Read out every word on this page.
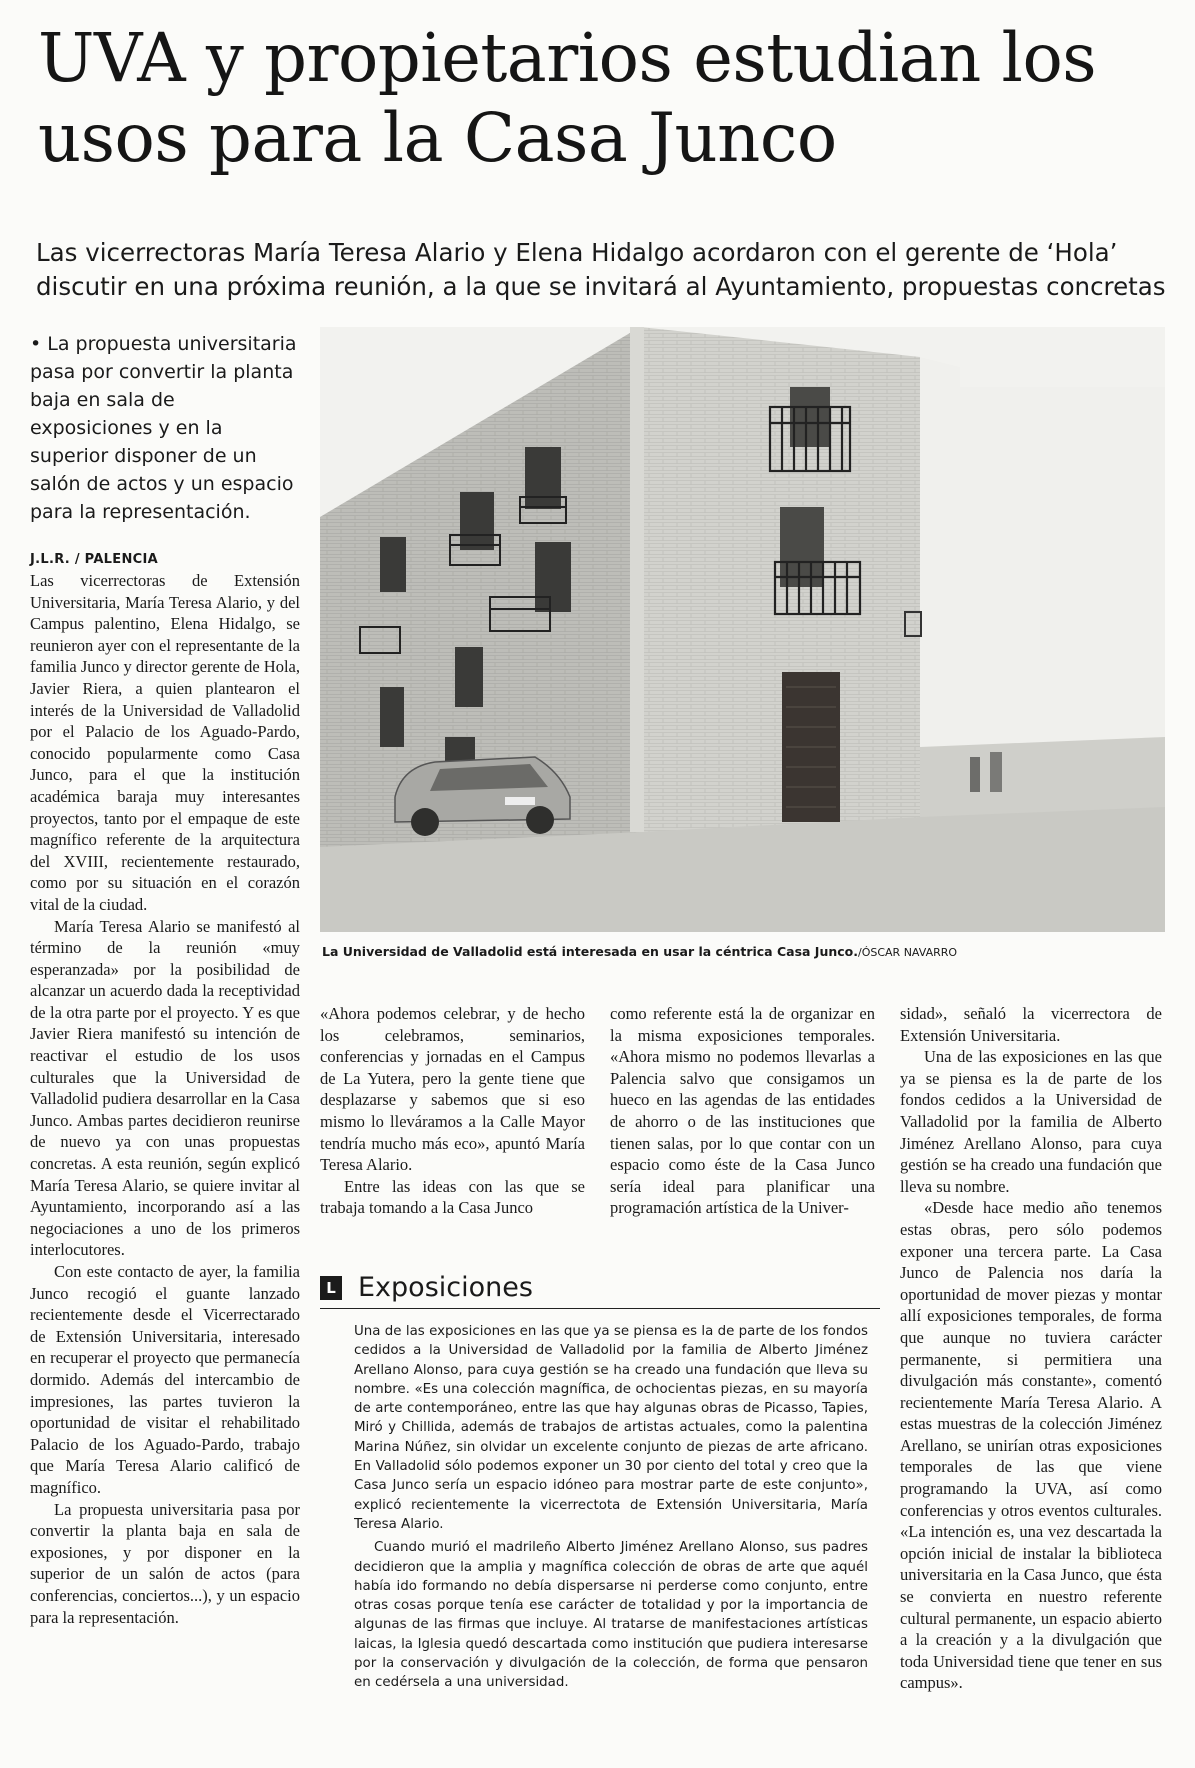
UVA y propietarios estudian los usos para la Casa Junco

Las vicerrectoras María Teresa Alario y Elena Hidalgo acordaron con el gerente de ‘Hola’ discutir en una próxima reunión, a la que se invitará al Ayuntamiento, propuestas concretas

• La propuesta universitaria pasa por convertir la planta baja en sala de exposiciones y en la superior disponer de un salón de actos y un espacio para la representación.

J.L.R. / PALENCIA

Las vicerrectoras de Extensión Universitaria, María Teresa Alario, y del Campus palentino, Elena Hidalgo, se reunieron ayer con el representante de la familia Junco y director gerente de Hola, Javier Riera, a quien plantearon el interés de la Universidad de Valladolid por el Palacio de los Aguado-Pardo, conocido popularmente como Casa Junco, para el que la institución académica baraja muy interesantes proyectos, tanto por el empaque de este magnífico referente de la arquitectura del XVIII, recientemente restaurado, como por su situación en el corazón vital de la ciudad.

María Teresa Alario se manifestó al término de la reunión «muy esperanzada» por la posibilidad de alcanzar un acuerdo dada la receptividad de la otra parte por el proyecto. Y es que Javier Riera manifestó su intención de reactivar el estudio de los usos culturales que la Universidad de Valladolid pudiera desarrollar en la Casa Junco. Ambas partes decidieron reunirse de nuevo ya con unas propuestas concretas. A esta reunión, según explicó María Teresa Alario, se quiere invitar al Ayuntamiento, incorporando así a las negociaciones a uno de los primeros interlocutores.

Con este contacto de ayer, la familia Junco recogió el guante lanzado recientemente desde el Vicerrectarado de Extensión Universitaria, interesado en recuperar el proyecto que permanecía dormido. Además del intercambio de impresiones, las partes tuvieron la oportunidad de visitar el rehabilitado Palacio de los Aguado-Pardo, trabajo que María Teresa Alario calificó de magnífico.

La propuesta universitaria pasa por convertir la planta baja en sala de exposiones, y por disponer en la superior de un salón de actos (para conferencias, conciertos...), y un espacio para la representación.

La Universidad de Valladolid está interesada en usar la céntrica Casa Junco./ÓSCAR NAVARRO

«Ahora podemos celebrar, y de hecho los celebramos, seminarios, conferencias y jornadas en el Campus de La Yutera, pero la gente tiene que desplazarse y sabemos que si eso mismo lo lleváramos a la Calle Mayor tendría mucho más eco», apuntó María Teresa Alario.

Entre las ideas con las que se trabaja tomando a la Casa Junco

como referente está la de organizar en la misma exposiciones temporales. «Ahora mismo no podemos llevarlas a Palencia salvo que consigamos un hueco en las agendas de las entidades de ahorro o de las instituciones que tienen salas, por lo que contar con un espacio como éste de la Casa Junco sería ideal para planificar una programación artística de la Univer-

sidad», señaló la vicerrectora de Extensión Universitaria.

Una de las exposiciones en las que ya se piensa es la de parte de los fondos cedidos a la Universidad de Valladolid por la familia de Alberto Jiménez Arellano Alonso, para cuya gestión se ha creado una fundación que lleva su nombre.

«Desde hace medio año tenemos estas obras, pero sólo podemos exponer una tercera parte. La Casa Junco de Palencia nos daría la oportunidad de mover piezas y montar allí exposiciones temporales, de forma que aunque no tuviera carácter permanente, si permitiera una divulgación más constante», comentó recientemente María Teresa Alario. A estas muestras de la colección Jiménez Arellano, se unirían otras exposiciones temporales de las que viene programando la UVA, así como conferencias y otros eventos culturales. «La intención es, una vez descartada la opción inicial de instalar la biblioteca universitaria en la Casa Junco, que ésta se convierta en nuestro referente cultural permanente, un espacio abierto a la creación y a la divulgación que toda Universidad tiene que tener en sus campus».

L Exposiciones

Una de las exposiciones en las que ya se piensa es la de parte de los fondos cedidos a la Universidad de Valladolid por la familia de Alberto Jiménez Arellano Alonso, para cuya gestión se ha creado una fundación que lleva su nombre. «Es una colección magnífica, de ochocientas piezas, en su mayoría de arte contemporáneo, entre las que hay algunas obras de Picasso, Tapies, Miró y Chillida, además de trabajos de artistas actuales, como la palentina Marina Núñez, sin olvidar un excelente conjunto de piezas de arte africano. En Valladolid sólo podemos exponer un 30 por ciento del total y creo que la Casa Junco sería un espacio idóneo para mostrar parte de este conjunto», explicó recientemente la vicerrectota de Extensión Universitaria, María Teresa Alario.

Cuando murió el madrileño Alberto Jiménez Arellano Alonso, sus padres decidieron que la amplia y magnífica colección de obras de arte que aquél había ido formando no debía dispersarse ni perderse como conjunto, entre otras cosas porque tenía ese carácter de totalidad y por la importancia de algunas de las firmas que incluye. Al tratarse de manifestaciones artísticas laicas, la Iglesia quedó descartada como institución que pudiera interesarse por la conservación y divulgación de la colección, de forma que pensaron en cedérsela a una universidad.
